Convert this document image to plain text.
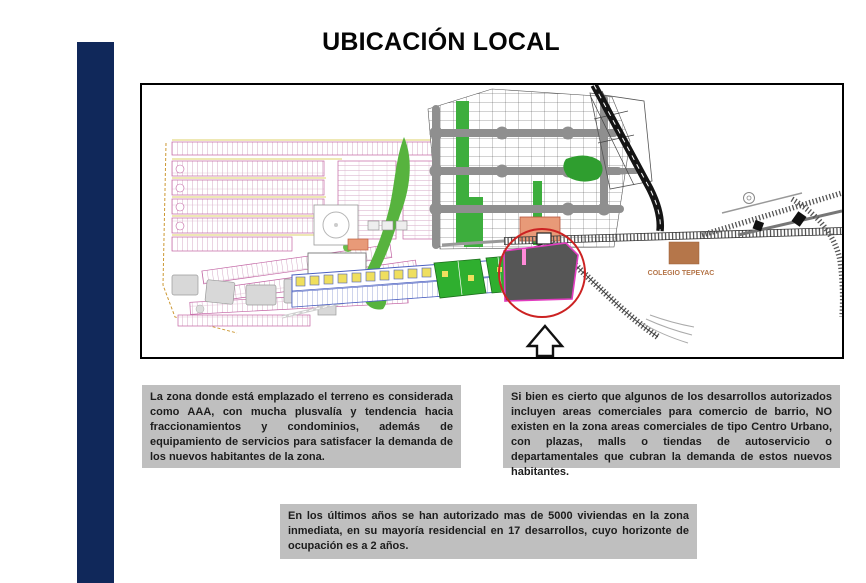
UBICACIÓN LOCAL
COLEGIO TEPEYAC
La zona donde está emplazado el terreno es considerada como AAA, con mucha plusvalía y tendencia hacia fraccionamientos y condominios, además de equipamiento de servicios para satisfacer la demanda de los nuevos habitantes de la zona.
Si bien es cierto que algunos de los desarrollos autorizados incluyen areas comerciales para comercio de barrio, NO existen en la zona areas comerciales de tipo Centro Urbano, con plazas, malls o tiendas de autoservicio o departamentales que cubran la demanda de estos nuevos habitantes.
En los últimos años se han autorizado mas de 5000 viviendas en la zona inmediata, en su mayoría residencial en 17 desarrollos, cuyo horizonte de ocupación es a 2 años.
